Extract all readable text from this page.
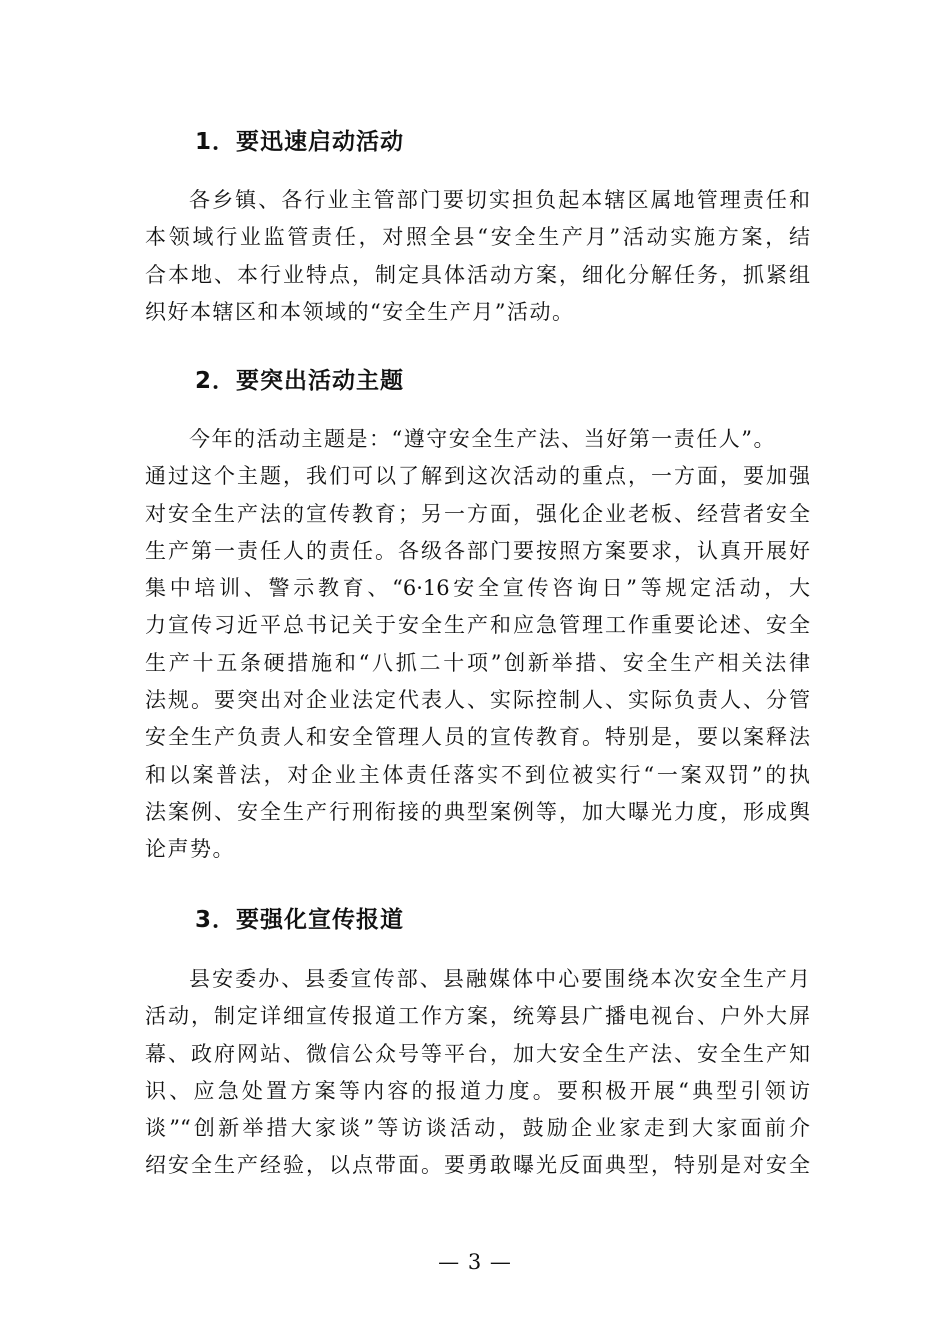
1．要迅速启动活动
各乡镇、各行业主管部门要切实担负起本辖区属地管理责任和
本领域行业监管责任，对照全县“安全生产月”活动实施方案，结
合本地、本行业特点，制定具体活动方案，细化分解任务，抓紧组
织好本辖区和本领域的“安全生产月”活动。
2．要突出活动主题
今年的活动主题是：“遵守安全生产法、当好第一责任人”。
通过这个主题，我们可以了解到这次活动的重点，一方面，要加强
对安全生产法的宣传教育；另一方面，强化企业老板、经营者安全
生产第一责任人的责任。各级各部门要按照方案要求，认真开展好
集中培训、警示教育、“6·16安全宣传咨询日”等规定活动，大
力宣传习近平总书记关于安全生产和应急管理工作重要论述、安全
生产十五条硬措施和“八抓二十项”创新举措、安全生产相关法律
法规。要突出对企业法定代表人、实际控制人、实际负责人、分管
安全生产负责人和安全管理人员的宣传教育。特别是，要以案释法
和以案普法，对企业主体责任落实不到位被实行“一案双罚”的执
法案例、安全生产行刑衔接的典型案例等，加大曝光力度，形成舆
论声势。
3．要强化宣传报道
县安委办、县委宣传部、县融媒体中心要围绕本次安全生产月
活动，制定详细宣传报道工作方案，统筹县广播电视台、户外大屏
幕、政府网站、微信公众号等平台，加大安全生产法、安全生产知
识、应急处置方案等内容的报道力度。要积极开展“典型引领访
谈”“创新举措大家谈”等访谈活动，鼓励企业家走到大家面前介
绍安全生产经验，以点带面。要勇敢曝光反面典型，特别是对安全
— 3 —
